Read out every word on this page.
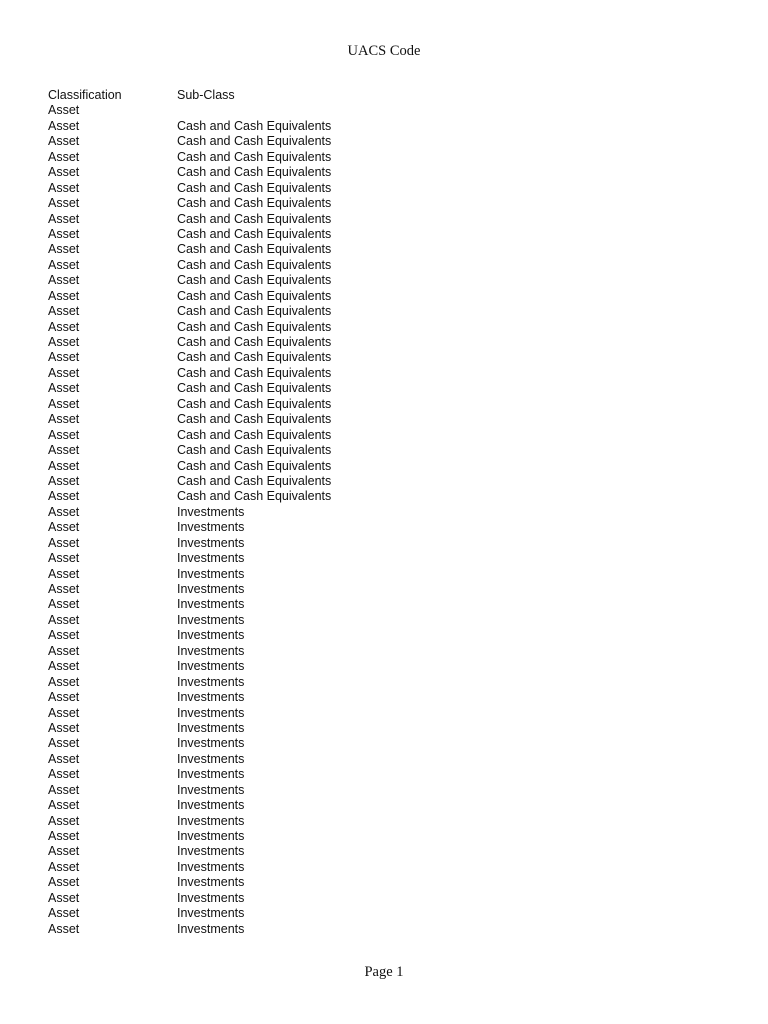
UACS Code
Classification	Sub-Class
Asset
Asset	Cash and Cash Equivalents
Asset	Cash and Cash Equivalents
Asset	Cash and Cash Equivalents
Asset	Cash and Cash Equivalents
Asset	Cash and Cash Equivalents
Asset	Cash and Cash Equivalents
Asset	Cash and Cash Equivalents
Asset	Cash and Cash Equivalents
Asset	Cash and Cash Equivalents
Asset	Cash and Cash Equivalents
Asset	Cash and Cash Equivalents
Asset	Cash and Cash Equivalents
Asset	Cash and Cash Equivalents
Asset	Cash and Cash Equivalents
Asset	Cash and Cash Equivalents
Asset	Cash and Cash Equivalents
Asset	Cash and Cash Equivalents
Asset	Cash and Cash Equivalents
Asset	Cash and Cash Equivalents
Asset	Cash and Cash Equivalents
Asset	Cash and Cash Equivalents
Asset	Cash and Cash Equivalents
Asset	Cash and Cash Equivalents
Asset	Cash and Cash Equivalents
Asset	Cash and Cash Equivalents
Asset	Investments
Asset	Investments
Asset	Investments
Asset	Investments
Asset	Investments
Asset	Investments
Asset	Investments
Asset	Investments
Asset	Investments
Asset	Investments
Asset	Investments
Asset	Investments
Asset	Investments
Asset	Investments
Asset	Investments
Asset	Investments
Asset	Investments
Asset	Investments
Asset	Investments
Asset	Investments
Asset	Investments
Asset	Investments
Asset	Investments
Asset	Investments
Asset	Investments
Asset	Investments
Asset	Investments
Asset	Investments
Page 1
